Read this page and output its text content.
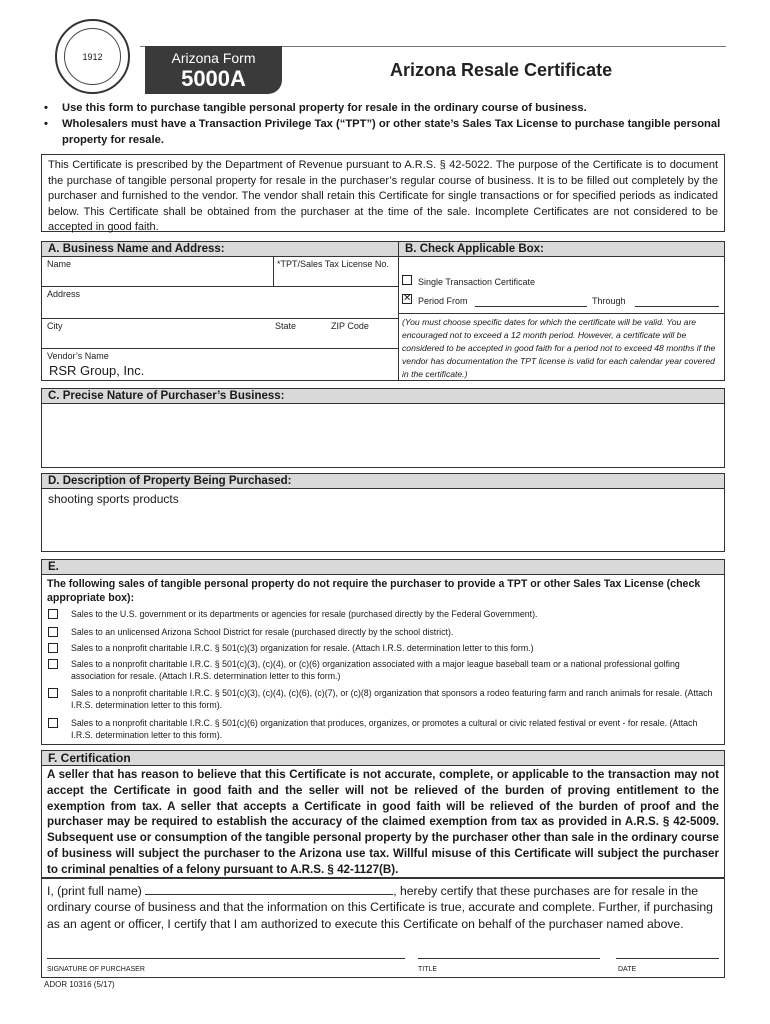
1912	Arizona Form
5000A	Arizona Resale Certificate
• Use this form to purchase tangible personal property for resale in the ordinary course of business.
• Wholesalers must have a Transaction Privilege Tax (“TPT”) or other state’s Sales Tax License to purchase tangible personal property for resale.
This Certificate is prescribed by the Department of Revenue pursuant to A.R.S. § 42-5022. The purpose of the Certificate is to document the purchase of tangible personal property for resale in the purchaser’s regular course of business. It is to be filled out completely by the purchaser and furnished to the vendor. The vendor shall retain this Certificate for single transactions or for specified periods as indicated below. This Certificate shall be obtained from the purchaser at the time of the sale. Incomplete Certificates are not considered to be accepted in good faith.
A. Business Name and Address:	B. Check Applicable Box:
Name	*TPT/Sales Tax License No.
Address
City	State	ZIP Code
Vendor’s Name
RSR Group, Inc.
Single Transaction Certificate
✕ Period From	Through
(You must choose specific dates for which the certificate will be valid. You are encouraged not to exceed a 12 month period. However, a certificate will be considered to be accepted in good faith for a period not to exceed 48 months if the vendor has documentation the TPT license is valid for each calendar year covered in the certificate.)
C. Precise Nature of Purchaser’s Business:
D. Description of Property Being Purchased:
shooting sports products
E.
The following sales of tangible personal property do not require the purchaser to provide a TPT or other Sales Tax License (check appropriate box):
Sales to the U.S. government or its departments or agencies for resale (purchased directly by the Federal Government).
Sales to an unlicensed Arizona School District for resale (purchased directly by the school district).
Sales to a nonprofit charitable I.R.C. § 501(c)(3) organization for resale. (Attach I.R.S. determination letter to this form.)
Sales to a nonprofit charitable I.R.C. § 501(c)(3), (c)(4), or (c)(6) organization associated with a major league baseball team or a national professional golfing association for resale. (Attach I.R.S. determination letter to this form.)
Sales to a nonprofit charitable I.R.C. § 501(c)(3), (c)(4), (c)(6), (c)(7), or (c)(8) organization that sponsors a rodeo featuring farm and ranch animals for resale. (Attach I.R.S. determination letter to this form).
Sales to a nonprofit charitable I.R.C. § 501(c)(6) organization that produces, organizes, or promotes a cultural or civic related festival or event - for resale. (Attach I.R.S. determination letter to this form).
F. Certification
A seller that has reason to believe that this Certificate is not accurate, complete, or applicable to the transaction may not accept the Certificate in good faith and the seller will not be relieved of the burden of proving entitlement to the exemption from tax. A seller that accepts a Certificate in good faith will be relieved of the burden of proof and the purchaser may be required to establish the accuracy of the claimed exemption from tax as provided in A.R.S. § 42-5009. Subsequent use or consumption of the tangible personal property by the purchaser other than sale in the ordinary course of business will subject the purchaser to the Arizona use tax. Willful misuse of this Certificate will subject the purchaser to criminal penalties of a felony pursuant to A.R.S. § 42-1127(B).
I, (print full name)	, hereby certify that these purchases are for resale in the ordinary course of business and that the information on this Certificate is true, accurate and complete. Further, if purchasing as an agent or officer, I certify that I am authorized to execute this Certificate on behalf of the purchaser named above.
SIGNATURE OF PURCHASER	TITLE	DATE
ADOR 10316 (5/17)
